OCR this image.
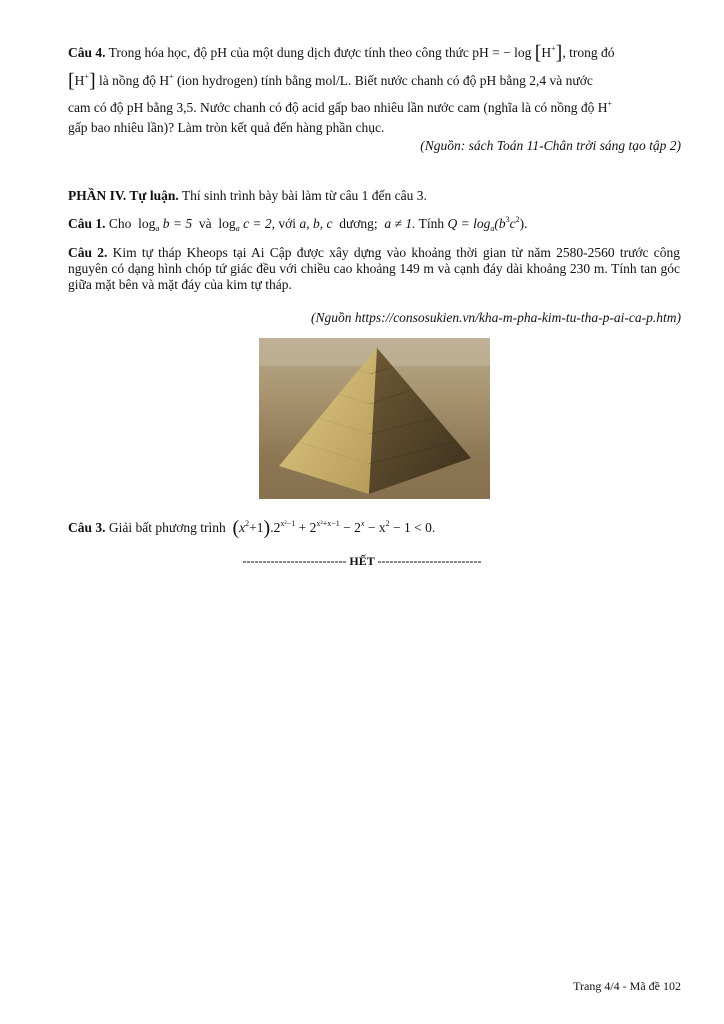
Câu 4. Trong hóa học, độ pH của một dung dịch được tính theo công thức pH = − log [H+], trong đó
[H+] là nồng độ H+ (ion hydrogen) tính bằng mol/L. Biết nước chanh có độ pH bằng 2,4 và nước
cam có độ pH bằng 3,5. Nước chanh có độ acid gấp bao nhiêu lần nước cam (nghĩa là có nồng độ H+
gấp bao nhiêu lần)? Làm tròn kết quả đến hàng phần chục.
(Nguồn: sách Toán 11-Chân trời sáng tạo tập 2)
PHẦN IV. Tự luận. Thí sinh trình bày bài làm từ câu 1 đến câu 3.
Câu 1. Cho $\log_a b = 5$ và $\log_a c = 2$, với a, b, c dương; a ≠ 1. Tính $Q = \log_a(b^3c^2)$.
Câu 2. Kim tự tháp Kheops tại Ai Cập được xây dựng vào khoảng thời gian từ năm 2580-2560 trước công nguyên có dạng hình chóp tứ giác đều với chiều cao khoảng 149 m và cạnh đáy dài khoảng 230 m. Tính tan góc giữa mặt bên và mặt đáy của kim tự tháp.
(Nguồn https://consosukien.vn/kha-m-pha-kim-tu-tha-p-ai-ca-p.htm)
Câu 3. Giải bất phương trình $(x^2+1).2^{x^2-1} + 2^{x^2+x-1} - 2^x - x^2 - 1 < 0$.
-------------------------- HẾT --------------------------
Trang 4/4 - Mã đề 102
